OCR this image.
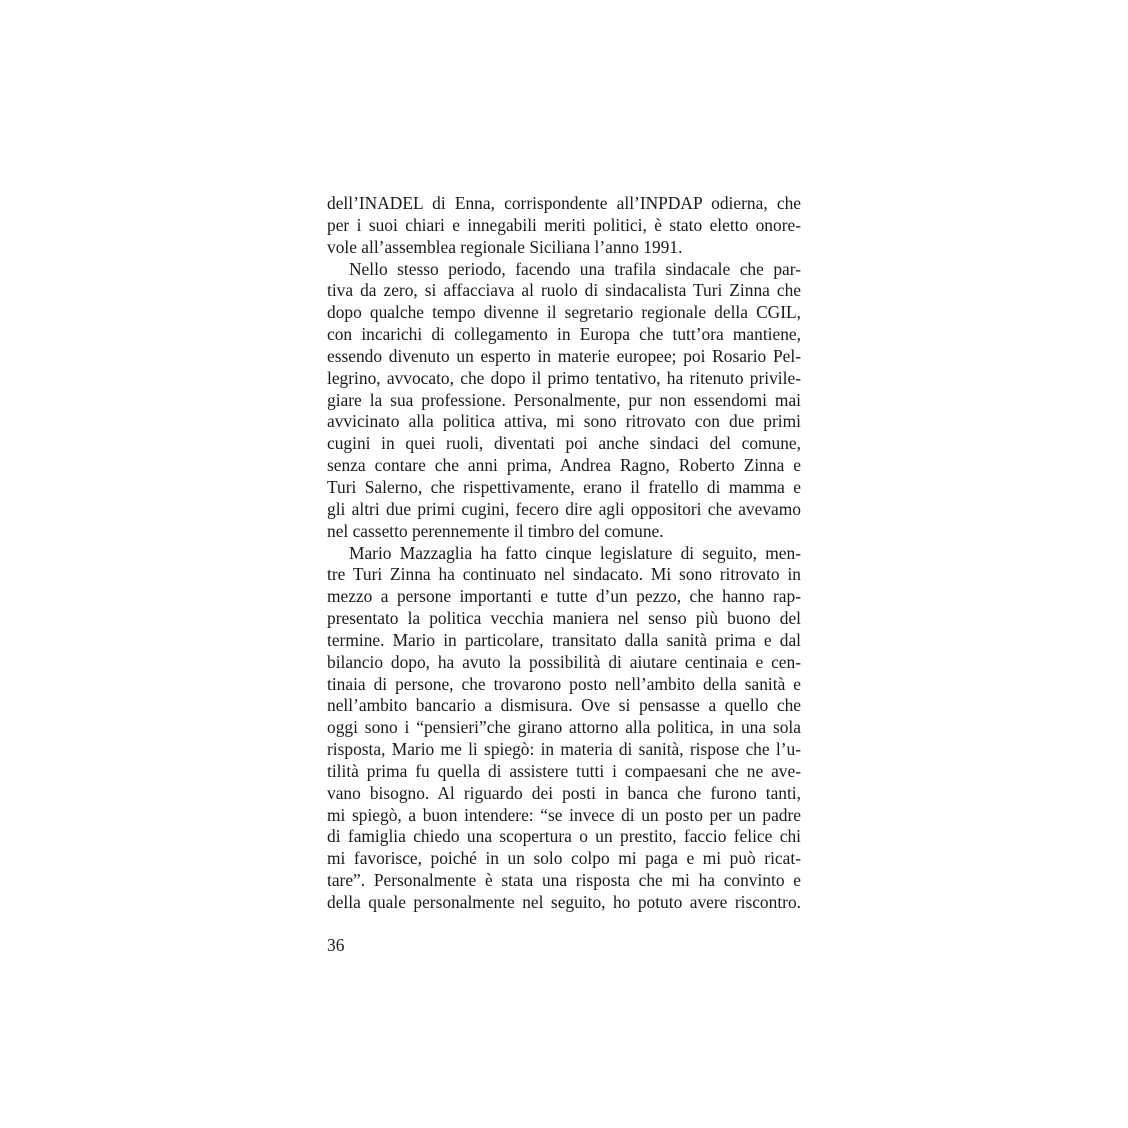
dell’INADEL di Enna, corrispondente all’INPDAP odierna, che
per i suoi chiari e innegabili meriti politici, è stato eletto onore-
vole all’assemblea regionale Siciliana l’anno 1991.
Nello stesso periodo, facendo una trafila sindacale che par-
tiva da zero, si affacciava al ruolo di sindacalista Turi Zinna che
dopo qualche tempo divenne il segretario regionale della CGIL,
con incarichi di collegamento in Europa che tutt’ora mantiene,
essendo divenuto un esperto in materie europee; poi Rosario Pel-
legrino, avvocato, che dopo il primo tentativo, ha ritenuto privile-
giare la sua professione. Personalmente, pur non essendomi mai
avvicinato alla politica attiva, mi sono ritrovato con due primi
cugini in quei ruoli, diventati poi anche sindaci del comune,
senza contare che anni prima, Andrea Ragno, Roberto Zinna e
Turi Salerno, che rispettivamente, erano il fratello di mamma e
gli altri due primi cugini, fecero dire agli oppositori che avevamo
nel cassetto perennemente il timbro del comune.
Mario Mazzaglia ha fatto cinque legislature di seguito, men-
tre Turi Zinna ha continuato nel sindacato. Mi sono ritrovato in
mezzo a persone importanti e tutte d’un pezzo, che hanno rap-
presentato la politica vecchia maniera nel senso più buono del
termine. Mario in particolare, transitato dalla sanità prima e dal
bilancio dopo, ha avuto la possibilità di aiutare centinaia e cen-
tinaia di persone, che trovarono posto nell’ambito della sanità e
nell’ambito bancario a dismisura. Ove si pensasse a quello che
oggi sono i “pensieri”che girano attorno alla politica, in una sola
risposta, Mario me li spiegò: in materia di sanità, rispose che l’u-
tilità prima fu quella di assistere tutti i compaesani che ne ave-
vano bisogno. Al riguardo dei posti in banca che furono tanti,
mi spiegò, a buon intendere: “se invece di un posto per un padre
di famiglia chiedo una scopertura o un prestito, faccio felice chi
mi favorisce, poiché in un solo colpo mi paga e mi può ricat-
tare”. Personalmente è stata una risposta che mi ha convinto e
della quale personalmente nel seguito, ho potuto avere riscontro.
36
